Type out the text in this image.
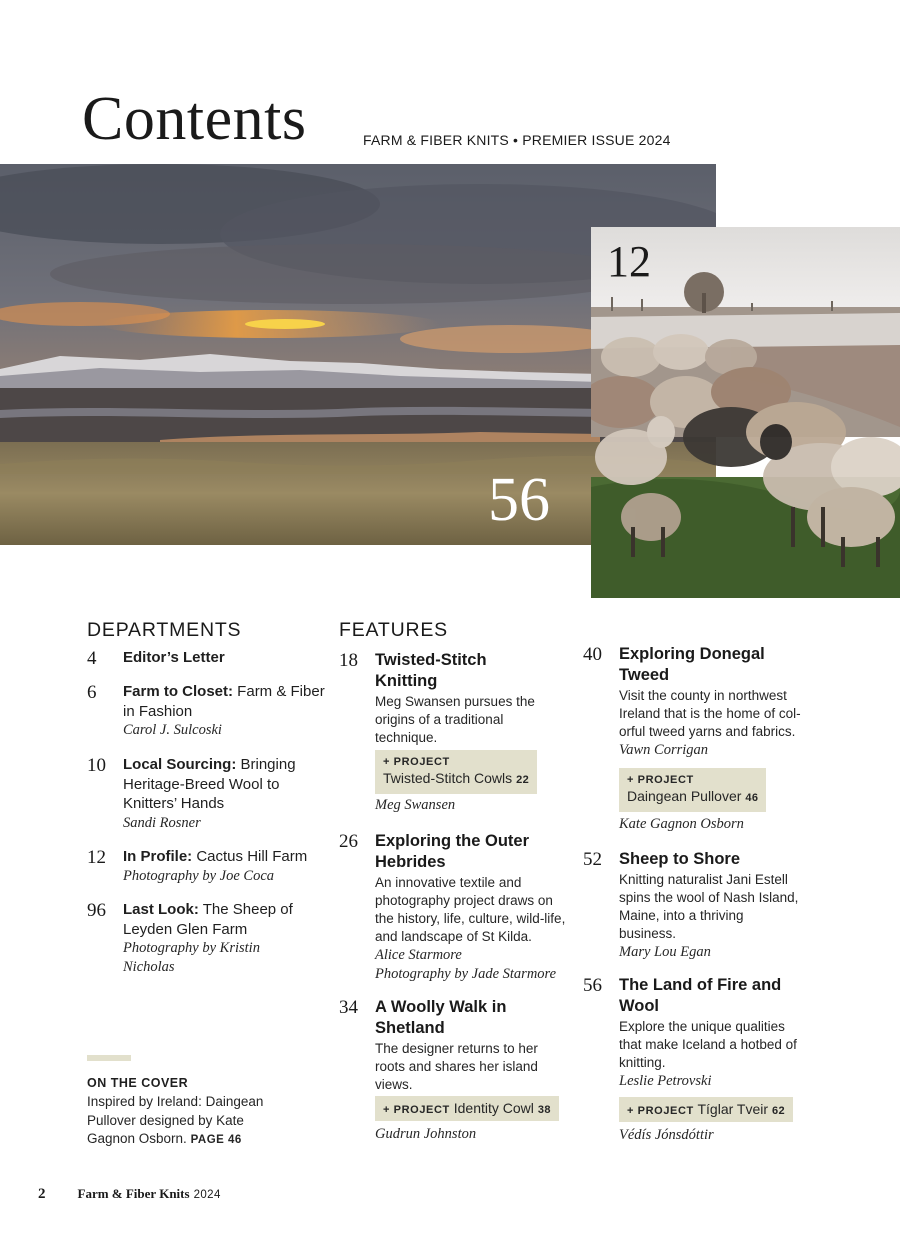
Contents	FARM & FIBER KNITS • PREMIER ISSUE 2024
56
12
DEPARTMENTS
4 Editor’s Letter
6 Farm to Closet: Farm & Fiber in Fashion
Carol J. Sulcoski
10 Local Sourcing: Bringing Heritage-Breed Wool to Knitters’ Hands
Sandi Rosner
12 In Profile: Cactus Hill Farm
Photography by Joe Coca
96 Last Look: The Sheep of Leyden Glen Farm
Photography by Kristin Nicholas
ON THE COVER
Inspired by Ireland: Daingean Pullover designed by Kate Gagnon Osborn. PAGE 46
FEATURES
18 Twisted-Stitch Knitting
Meg Swansen pursues the origins of a traditional technique.
+ PROJECT
Twisted-Stitch Cowls 22
Meg Swansen
26 Exploring the Outer Hebrides
An innovative textile and photography project draws on the history, life, culture, wild-life, and landscape of St Kilda.
Alice Starmore
Photography by Jade Starmore
34 A Woolly Walk in Shetland
The designer returns to her roots and shares her island views.
+ PROJECT Identity Cowl 38
Gudrun Johnston
40 Exploring Donegal Tweed
Visit the county in northwest Ireland that is the home of col-orful tweed yarns and fabrics.
Vawn Corrigan
+ PROJECT
Daingean Pullover 46
Kate Gagnon Osborn
52 Sheep to Shore
Knitting naturalist Jani Estell spins the wool of Nash Island, Maine, into a thriving business.
Mary Lou Egan
56 The Land of Fire and Wool
Explore the unique qualities that make Iceland a hotbed of knitting.
Leslie Petrovski
+ PROJECT Tíglar Tveir 62
Védís Jónsdóttir
2 Farm & Fiber Knits 2024
